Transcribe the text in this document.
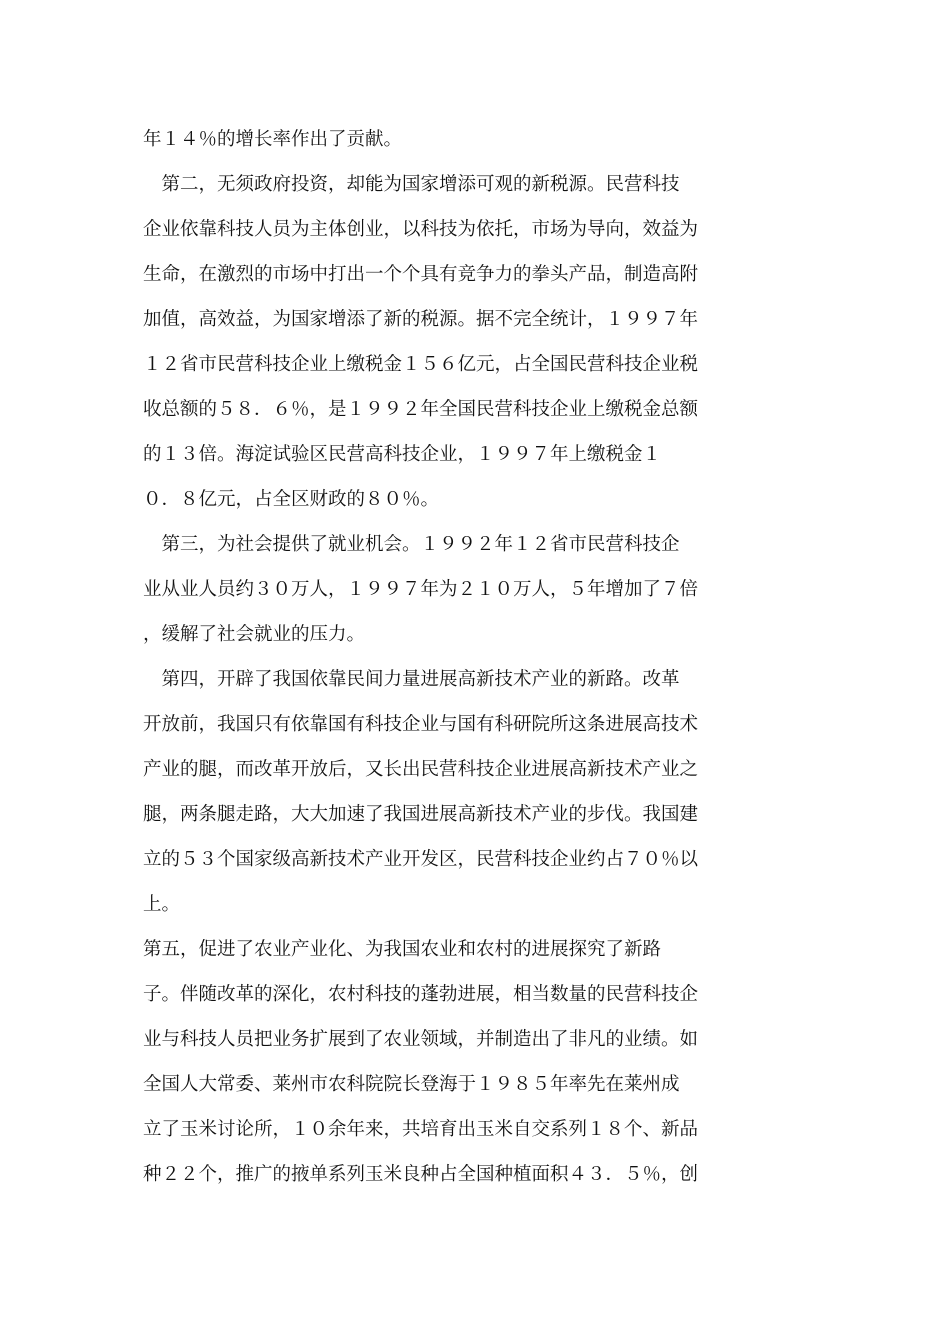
年１４％的增长率作出了贡献。
　第二，无须政府投资，却能为国家增添可观的新税源。民营科技
企业依靠科技人员为主体创业，以科技为依托，市场为导向，效益为
生命，在激烈的市场中打出一个个具有竞争力的拳头产品，制造高附
加值，高效益，为国家增添了新的税源。据不完全统计，１９９７年
１２省市民营科技企业上缴税金１５６亿元，占全国民营科技企业税
收总额的５８．６％，是１９９２年全国民营科技企业上缴税金总额
的１３倍。海淀试验区民营高科技企业，１９９７年上缴税金１
０．８亿元，占全区财政的８０％。
　第三，为社会提供了就业机会。１９９２年１２省市民营科技企
业从业人员约３０万人，１９９７年为２１０万人，５年增加了７倍
，缓解了社会就业的压力。
　第四，开辟了我国依靠民间力量进展高新技术产业的新路。改革
开放前，我国只有依靠国有科技企业与国有科研院所这条进展高技术
产业的腿，而改革开放后，又长出民营科技企业进展高新技术产业之
腿，两条腿走路，大大加速了我国进展高新技术产业的步伐。我国建
立的５３个国家级高新技术产业开发区，民营科技企业约占７０％以
上。
第五，促进了农业产业化、为我国农业和农村的进展探究了新路
子。伴随改革的深化，农村科技的蓬勃进展，相当数量的民营科技企
业与科技人员把业务扩展到了农业领域，并制造出了非凡的业绩。如
全国人大常委、莱州市农科院院长登海于１９８５年率先在莱州成
立了玉米讨论所，１０余年来，共培育出玉米自交系列１８个、新品
种２２个，推广的掖单系列玉米良种占全国种植面积４３．５％，创
